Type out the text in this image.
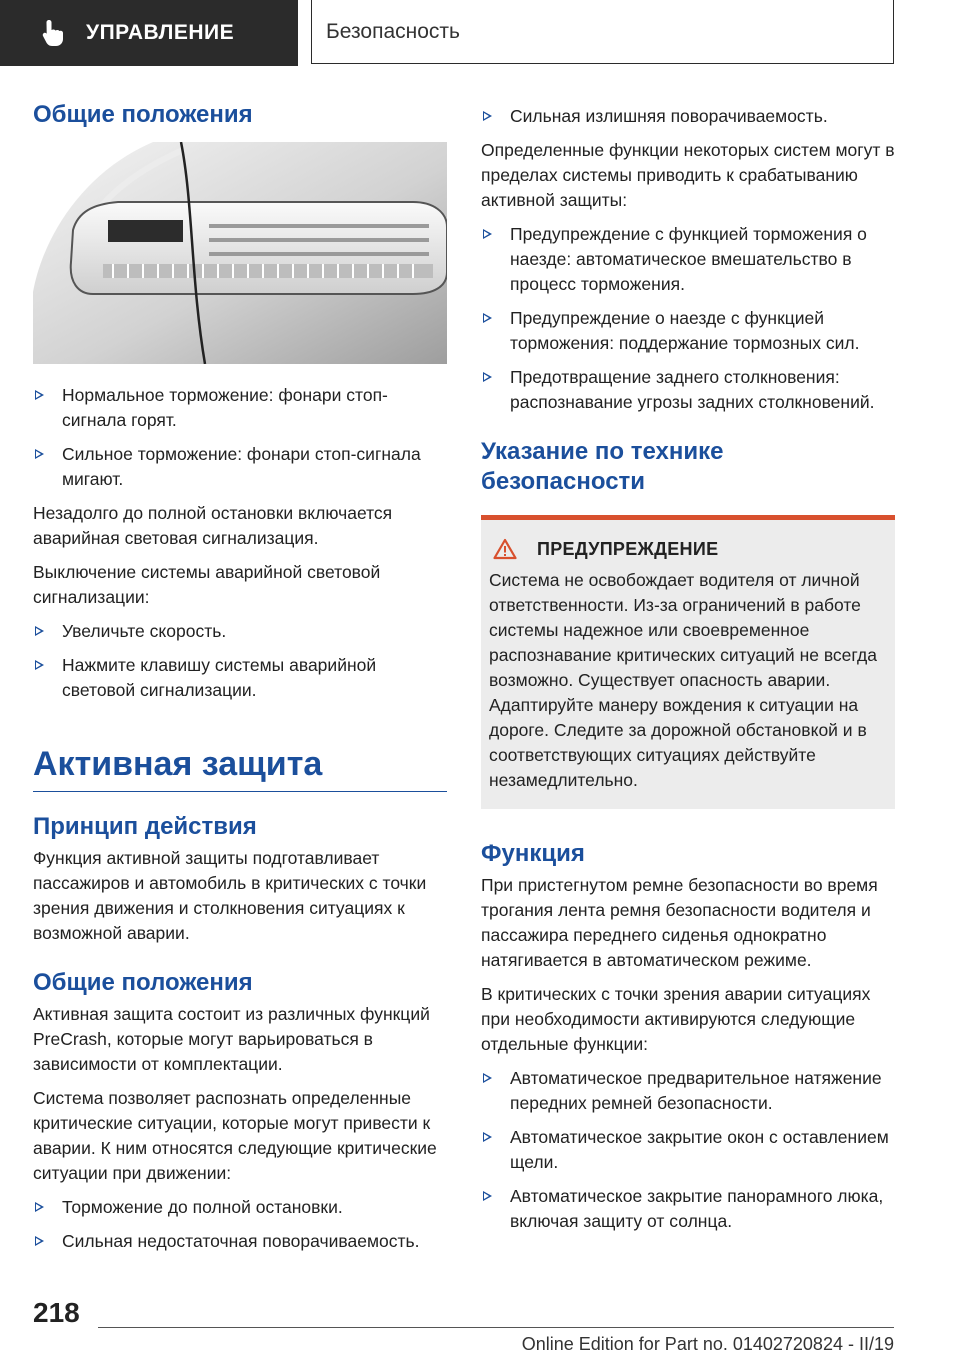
УПРАВЛЕНИЕ	Безопасность
Общие положения
Нормальное торможение: фонари стоп-сигнала горят.
Сильное торможение: фонари стоп-сигнала мигают.

Незадолго до полной остановки включается аварийная световая сигнализация.

Выключение системы аварийной световой сигнализации:

Увеличьте скорость.
Нажмите клавишу системы аварийной световой сигнализации.
Активная защита
Принцип действия

Функция активной защиты подготавливает пассажиров и автомобиль в критических с точки зрения движения и столкновения ситуациях к возможной аварии.

Общие положения

Активная защита состоит из различных функций PreCrash, которые могут варьироваться в зависимости от комплектации.

Система позволяет распознать определенные критические ситуации, которые могут привести к аварии. К ним относятся следующие критические ситуации при движении:

Торможение до полной остановки.
Сильная недостаточная поворачиваемость.
Сильная излишняя поворачиваемость.

Определенные функции некоторых систем могут в пределах системы приводить к срабатыванию активной защиты:

Предупреждение с функцией торможения о наезде: автоматическое вмешательство в процесс торможения.
Предупреждение о наезде с функцией торможения: поддержание тормозных сил.
Предотвращение заднего столкновения: распознавание угрозы задних столкновений.
Указание по технике безопасности
ПРЕДУПРЕЖДЕНИЕ

Система не освобождает водителя от личной ответственности. Из-за ограничений в работе системы надежное или своевременное распознавание критических ситуаций не всегда возможно. Существует опасность аварии. Адаптируйте манеру вождения к ситуации на дороге. Следите за дорожной обстановкой и в соответствующих ситуациях действуйте незамедлительно.

Функция

При пристегнутом ремне безопасности во время трогания лента ремня безопасности водителя и пассажира переднего сиденья однократно натягивается в автоматическом режиме.

В критических с точки зрения аварии ситуациях при необходимости активируются следующие отдельные функции:

Автоматическое предварительное натяжение передних ремней безопасности.
Автоматическое закрытие окон с оставлением щели.
Автоматическое закрытие панорамного люка, включая защиту от солнца.
218
Online Edition for Part no. 01402720824 - II/19
